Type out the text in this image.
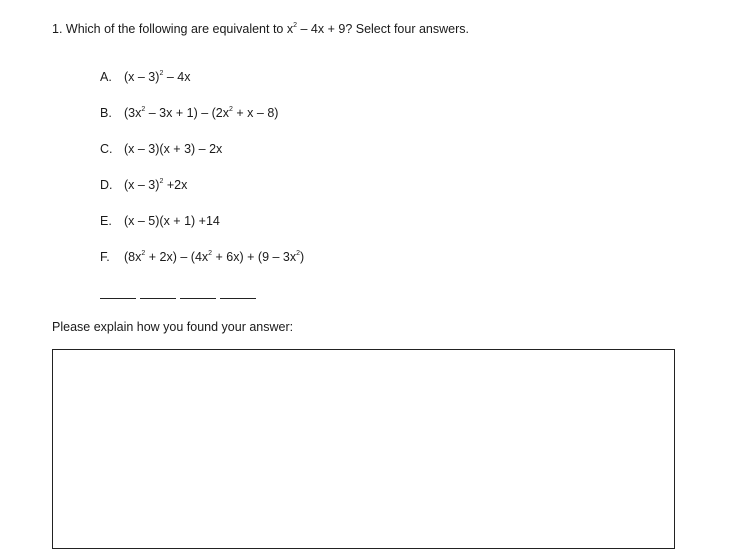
1. Which of the following are equivalent to $x^2 - 4x + 9$? Select four answers.
A. (x – 3)$^2$ – 4x
B. $(3x^2 - 3x + 1) - (2x^2 + x - 8)$
C. (x – 3)(x + 3) – 2x
D. (x – 3)$^2$ +2x
E. (x – 5)(x + 1) +14
F.	$(8x^2 + 2x) - (4x^2 + 6x) + (9 - 3x^2)$
Please explain how you found your answer:
